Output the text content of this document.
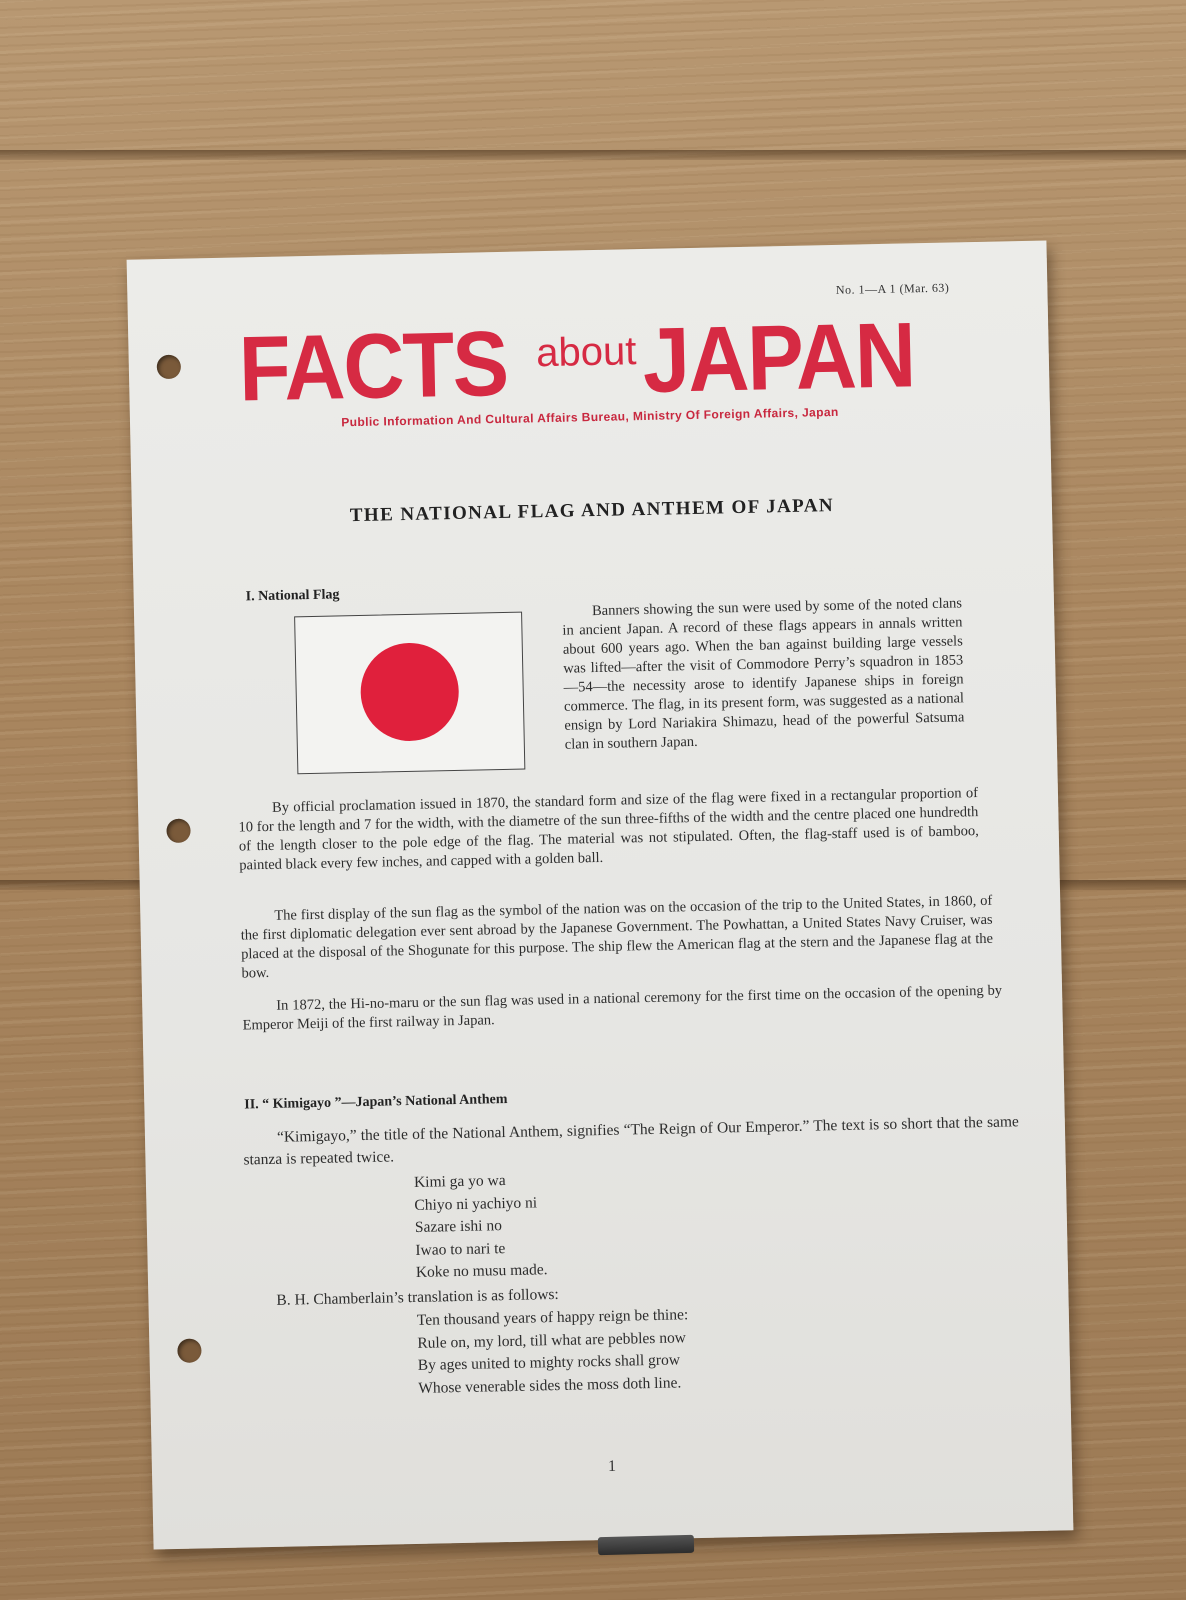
No. 1—A 1 (Mar. 63)
FACTS aboutJAPAN
Public Information And Cultural Affairs Bureau, Ministry Of Foreign Affairs, Japan
THE NATIONAL FLAG AND ANTHEM OF JAPAN
I. National Flag	Banners showing the sun were used by some of the noted clans in ancient Japan. A record of these flags appears in annals written about 600 years ago. When the ban against building large vessels was lifted—after the visit of Commodore Perry’s squadron in 1853—54—the necessity arose to identify Japanese ships in foreign commerce. The flag, in its present form, was suggested as a national ensign by Lord Nariakira Shimazu, head of the powerful Satsuma clan in southern Japan.

By official proclamation issued in 1870, the standard form and size of the flag were fixed in a rectangular proportion of 10 for the length and 7 for the width, with the diametre of the sun three-fifths of the width and the centre placed one hundredth of the length closer to the pole edge of the flag. The material was not stipulated. Often, the flag-staff used is of bamboo, painted black every few inches, and capped with a golden ball.

The first display of the sun flag as the symbol of the nation was on the occasion of the trip to the United States, in 1860, of the first diplomatic delegation ever sent abroad by the Japanese Government. The Powhattan, a United States Navy Cruiser, was placed at the disposal of the Shogunate for this purpose. The ship flew the American flag at the stern and the Japanese flag at the bow.

In 1872, the Hi-no-maru or the sun flag was used in a national ceremony for the first time on the occasion of the opening by Emperor Meiji of the first railway in Japan.

II. “ Kimigayo ”—Japan’s National Anthem

“Kimigayo,” the title of the National Anthem, signifies “The Reign of Our Emperor.” The text is so short that the same stanza is repeated twice.

Kimi ga yo wa
Chiyo ni yachiyo ni
Sazare ishi no
Iwao to nari te
Koke no musu made.
B. H. Chamberlain’s translation is as follows:
Ten thousand years of happy reign be thine:
Rule on, my lord, till what are pebbles now
By ages united to mighty rocks shall grow
Whose venerable sides the moss doth line.
1
